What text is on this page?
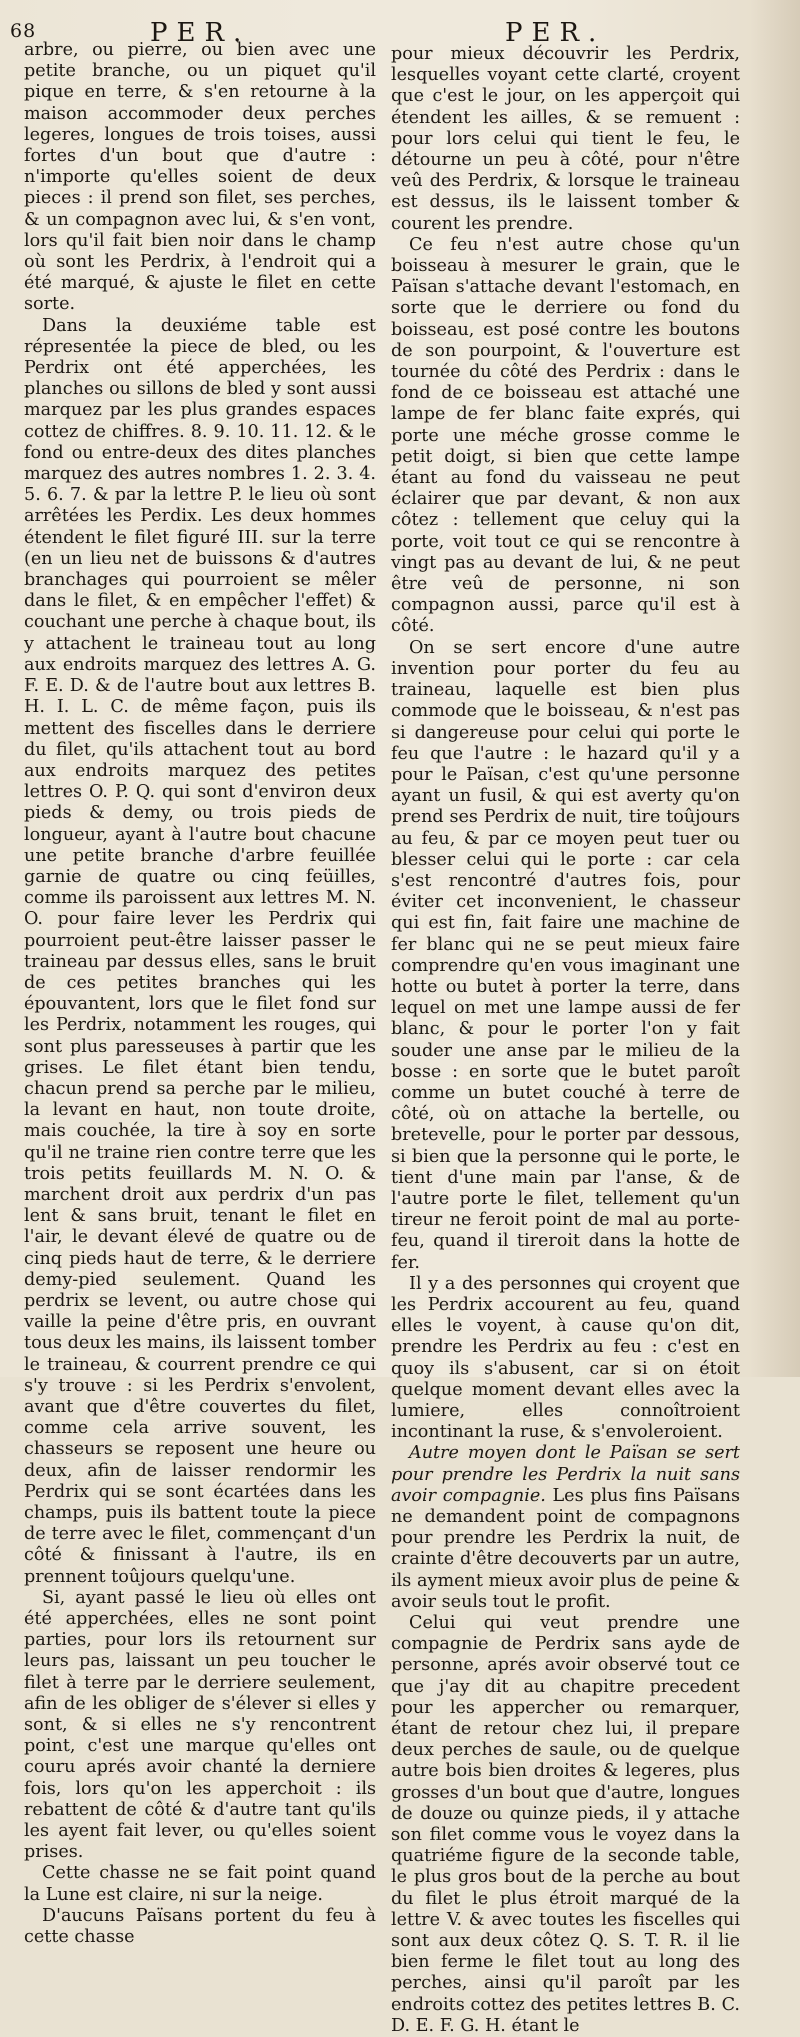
68	PER.	PER.

arbre, ou pierre, ou bien avec une petite branche, ou un piquet qu'il pique en terre, & s'en retourne à la maison accommoder deux perches legeres, longues de trois toises, aussi fortes d'un bout que d'autre : n'importe qu'elles soient de deux pieces : il prend son filet, ses perches, & un compagnon avec lui, & s'en vont, lors qu'il fait bien noir dans le champ où sont les Perdrix, à l'endroit qui a été marqué, & ajuste le filet en cette sorte.

Dans la deuxiéme table est répresentée la piece de bled, ou les Perdrix ont été apperchées, les planches ou sillons de bled y sont aussi marquez par les plus grandes espaces cottez de chiffres. 8. 9. 10. 11. 12. & le fond ou entre-deux des dites planches marquez des autres nombres 1. 2. 3. 4. 5. 6. 7. & par la lettre P. le lieu où sont arrêtées les Perdix. Les deux hommes étendent le filet figuré III. sur la terre (en un lieu net de buissons & d'autres branchages qui pourroient se mêler dans le filet, & en empêcher l'effet) & couchant une perche à chaque bout, ils y attachent le traineau tout au long aux endroits marquez des lettres A. G. F. E. D. & de l'autre bout aux lettres B. H. I. L. C. de même façon, puis ils mettent des fiscelles dans le derriere du filet, qu'ils attachent tout au bord aux endroits marquez des petites lettres O. P. Q. qui sont d'environ deux pieds & demy, ou trois pieds de longueur, ayant à l'autre bout chacune une petite branche d'arbre feuillée garnie de quatre ou cinq feüilles, comme ils paroissent aux lettres M. N. O. pour faire lever les Perdrix qui pourroient peut-être laisser passer le traineau par dessus elles, sans le bruit de ces petites branches qui les épouvantent, lors que le filet fond sur les Perdrix, notamment les rouges, qui sont plus paresseuses à partir que les grises. Le filet étant bien tendu, chacun prend sa perche par le milieu, la levant en haut, non toute droite, mais couchée, la tire à soy en sorte qu'il ne traine rien contre terre que les trois petits feuillards M. N. O. & marchent droit aux perdrix d'un pas lent & sans bruit, tenant le filet en l'air, le devant élevé de quatre ou de cinq pieds haut de terre, & le derriere demy-pied seulement. Quand les perdrix se levent, ou autre chose qui vaille la peine d'être pris, en ouvrant tous deux les mains, ils laissent tomber le traineau, & courrent prendre ce qui s'y trouve : si les Perdrix s'envolent, avant que d'être couvertes du filet, comme cela arrive souvent, les chasseurs se reposent une heure ou deux, afin de laisser rendormir les Perdrix qui se sont écartées dans les champs, puis ils battent toute la piece de terre avec le filet, commençant d'un côté & finissant à l'autre, ils en prennent toûjours quelqu'une.

Si, ayant passé le lieu où elles ont été apperchées, elles ne sont point parties, pour lors ils retournent sur leurs pas, laissant un peu toucher le filet à terre par le derriere seulement, afin de les obliger de s'élever si elles y sont, & si elles ne s'y rencontrent point, c'est une marque qu'elles ont couru aprés avoir chanté la derniere fois, lors qu'on les apperchoit : ils rebattent de côté & d'autre tant qu'ils les ayent fait lever, ou qu'elles soient prises.

Cette chasse ne se fait point quand la Lune est claire, ni sur la neige.

D'aucuns Païsans portent du feu à cette chasse

pour mieux découvrir les Perdrix, lesquelles voyant cette clarté, croyent que c'est le jour, on les apperçoit qui étendent les ailles, & se remuent : pour lors celui qui tient le feu, le détourne un peu à côté, pour n'être veû des Perdrix, & lorsque le traineau est dessus, ils le laissent tomber & courent les prendre.

Ce feu n'est autre chose qu'un boisseau à mesurer le grain, que le Païsan s'attache devant l'estomach, en sorte que le derriere ou fond du boisseau, est posé contre les boutons de son pourpoint, & l'ouverture est tournée du côté des Perdrix : dans le fond de ce boisseau est attaché une lampe de fer blanc faite exprés, qui porte une méche grosse comme le petit doigt, si bien que cette lampe étant au fond du vaisseau ne peut éclairer que par devant, & non aux côtez : tellement que celuy qui la porte, voit tout ce qui se rencontre à vingt pas au devant de lui, & ne peut être veû de personne, ni son compagnon aussi, parce qu'il est à côté.

On se sert encore d'une autre invention pour porter du feu au traineau, laquelle est bien plus commode que le boisseau, & n'est pas si dangereuse pour celui qui porte le feu que l'autre : le hazard qu'il y a pour le Païsan, c'est qu'une personne ayant un fusil, & qui est averty qu'on prend ses Perdrix de nuit, tire toûjours au feu, & par ce moyen peut tuer ou blesser celui qui le porte : car cela s'est rencontré d'autres fois, pour éviter cet inconvenient, le chasseur qui est fin, fait faire une machine de fer blanc qui ne se peut mieux faire comprendre qu'en vous imaginant une hotte ou butet à porter la terre, dans lequel on met une lampe aussi de fer blanc, & pour le porter l'on y fait souder une anse par le milieu de la bosse : en sorte que le butet paroît comme un butet couché à terre de côté, où on attache la bertelle, ou bretevelle, pour le porter par dessous, si bien que la personne qui le porte, le tient d'une main par l'anse, & de l'autre porte le filet, tellement qu'un tireur ne feroit point de mal au porte-feu, quand il tireroit dans la hotte de fer.

Il y a des personnes qui croyent que les Perdrix accourent au feu, quand elles le voyent, à cause qu'on dit, prendre les Perdrix au feu : c'est en quoy ils s'abusent, car si on étoit quelque moment devant elles avec la lumiere, elles connoîtroient incontinant la ruse, & s'envoleroient.

Autre moyen dont le Païsan se sert pour prendre les Perdrix la nuit sans avoir compagnie. Les plus fins Païsans ne demandent point de compagnons pour prendre les Perdrix la nuit, de crainte d'être decouverts par un autre, ils ayment mieux avoir plus de peine & avoir seuls tout le profit.

Celui qui veut prendre une compagnie de Perdrix sans ayde de personne, aprés avoir observé tout ce que j'ay dit au chapitre precedent pour les appercher ou remarquer, étant de retour chez lui, il prepare deux perches de saule, ou de quelque autre bois bien droites & legeres, plus grosses d'un bout que d'autre, longues de douze ou quinze pieds, il y attache son filet comme vous le voyez dans la quatriéme figure de la seconde table, le plus gros bout de la perche au bout du filet le plus étroit marqué de la lettre V. & avec toutes les fiscelles qui sont aux deux côtez Q. S. T. R. il lie bien ferme le filet tout au long des perches, ainsi qu'il paroît par les endroits cottez des petites lettres B. C. D. E. F. G. H. étant le
